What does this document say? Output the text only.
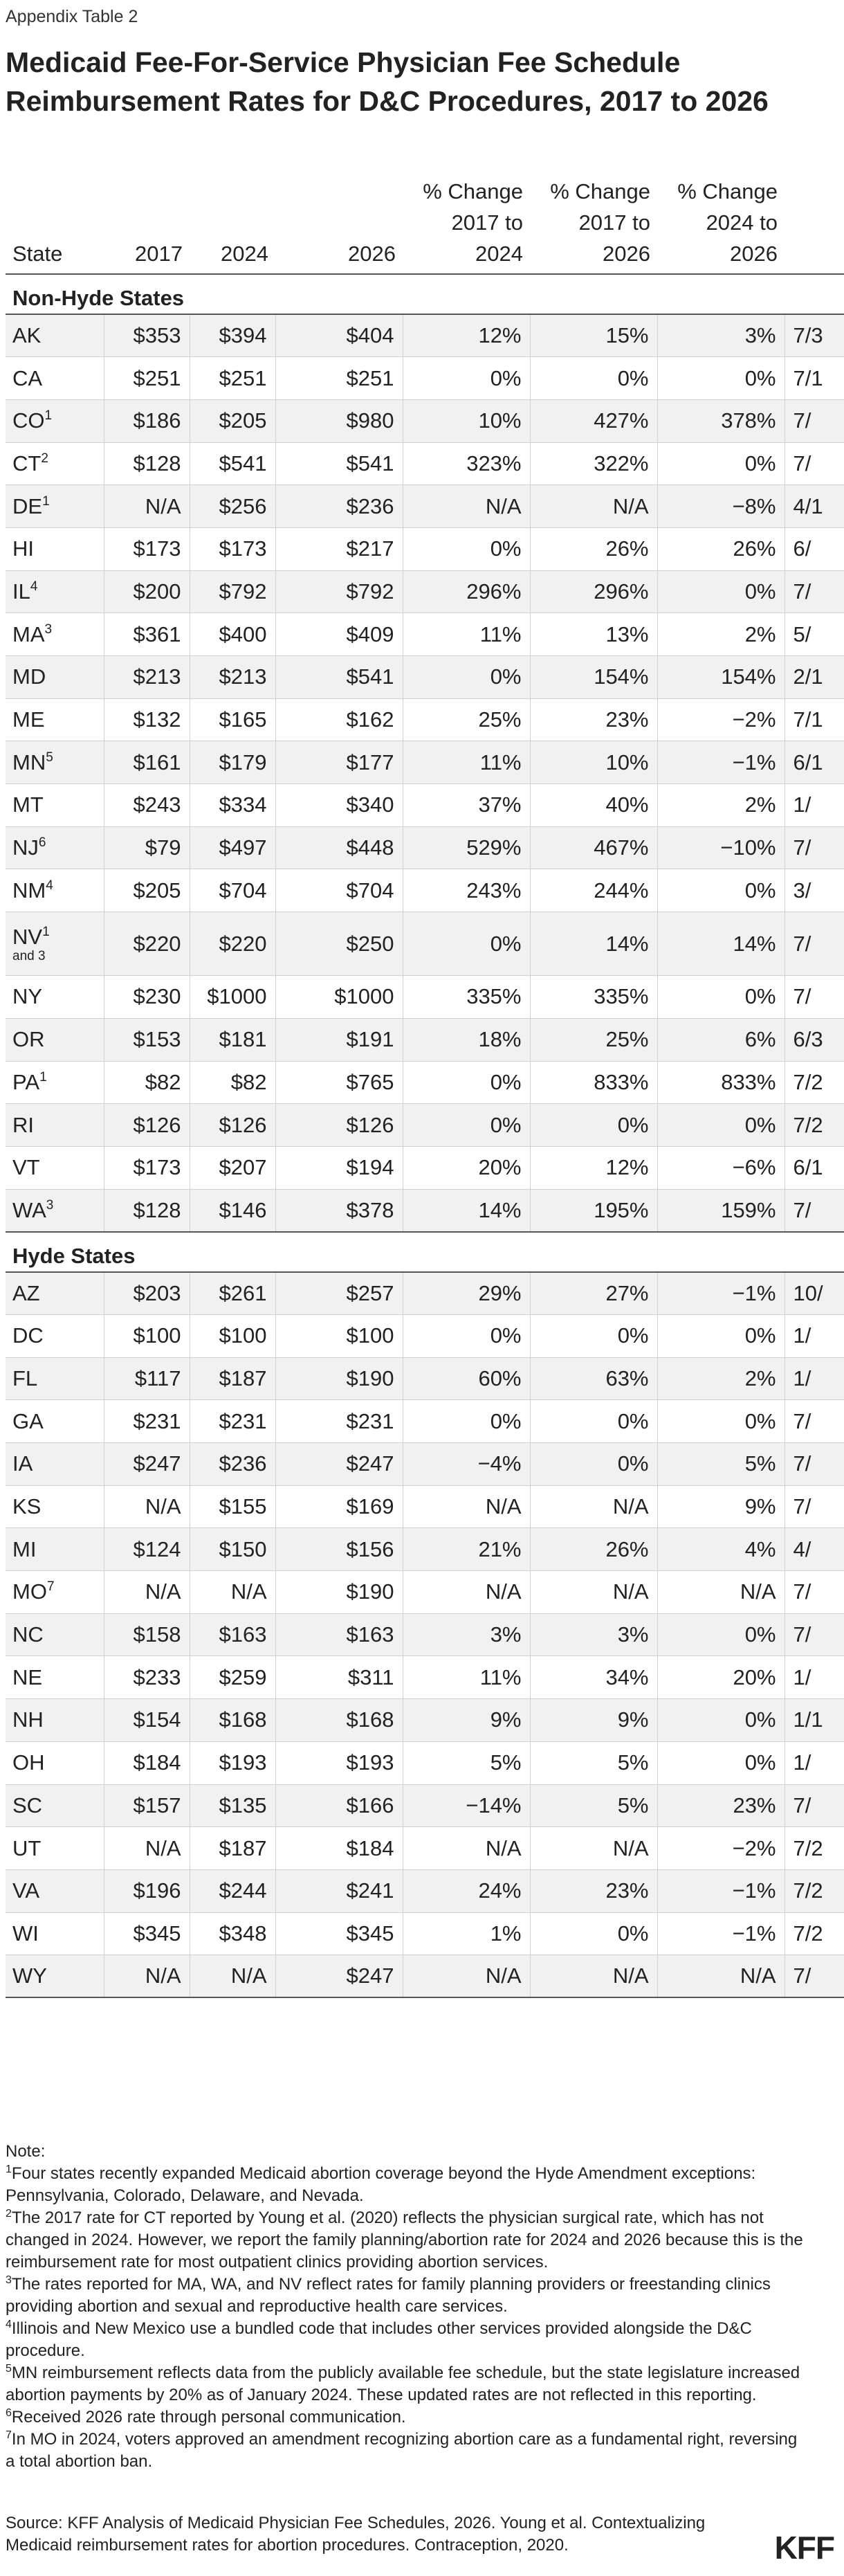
Appendix Table 2
Medicaid Fee-For-Service Physician Fee Schedule Reimbursement Rates for D&C Procedures, 2017 to 2026
State	2017	2024	2026	% Change 2017 to 2024	% Change 2017 to 2026	% Change 2024 to 2026	
Non-Hyde States							
AK	$353	$394	$404	12%	15%	3%	7/3
CA	$251	$251	$251	0%	0%	0%	7/1
$CO^1$	$186	$205	$980	10%	427%	378%	7/
$CT^2$	$128	$541	$541	323%	322%	0%	7/
$DE^1$	N/A	$256	$236	N/A	N/A	−8%	4/1
HI	$173	$173	$217	0%	26%	26%	6/
$IL^4$	$200	$792	$792	296%	296%	0%	7/
$MA^3$	$361	$400	$409	11%	13%	2%	5/
MD	$213	$213	$541	0%	154%	154%	2/1
ME	$132	$165	$162	25%	23%	−2%	7/1
$MN^5$	$161	$179	$177	11%	10%	−1%	6/1
MT	$243	$334	$340	37%	40%	2%	1/
$NJ^6$	$79	$497	$448	529%	467%	−10%	7/
$NM^4$	$205	$704	$704	243%	244%	0%	3/
$NV^1$
and 3	$220	$220	$250	0%	14%	14%	7/
NY	$230	$1000	$1000	335%	335%	0%	7/
OR	$153	$181	$191	18%	25%	6%	6/3
$PA^1$	$82	$82	$765	0%	833%	833%	7/2
RI	$126	$126	$126	0%	0%	0%	7/2
VT	$173	$207	$194	20%	12%	−6%	6/1
$WA^3$	$128	$146	$378	14%	195%	159%	7/
Hyde States							
AZ	$203	$261	$257	29%	27%	−1%	10/
DC	$100	$100	$100	0%	0%	0%	1/
FL	$117	$187	$190	60%	63%	2%	1/
GA	$231	$231	$231	0%	0%	0%	7/
IA	$247	$236	$247	−4%	0%	5%	7/
KS	N/A	$155	$169	N/A	N/A	9%	7/
MI	$124	$150	$156	21%	26%	4%	4/
$MO^7$	N/A	N/A	$190	N/A	N/A	N/A	7/
NC	$158	$163	$163	3%	3%	0%	7/
NE	$233	$259	$311	11%	34%	20%	1/
NH	$154	$168	$168	9%	9%	0%	1/1
OH	$184	$193	$193	5%	5%	0%	1/
SC	$157	$135	$166	−14%	5%	23%	7/
UT	N/A	$187	$184	N/A	N/A	−2%	7/2
VA	$196	$244	$241	24%	23%	−1%	7/2
WI	$345	$348	$345	1%	0%	−1%	7/2
WY	N/A	N/A	$247	N/A	N/A	N/A	7/

Note:

$^1$Four states recently expanded Medicaid abortion coverage beyond the Hyde Amendment exceptions: Pennsylvania, Colorado, Delaware, and Nevada.

$^2$The 2017 rate for CT reported by Young et al. (2020) reflects the physician surgical rate, which has not changed in 2024. However, we report the family planning/abortion rate for 2024 and 2026 because this is the reimbursement rate for most outpatient clinics providing abortion services.

$^3$The rates reported for MA, WA, and NV reflect rates for family planning providers or freestanding clinics providing abortion and sexual and reproductive health care services.

$^4$Illinois and New Mexico use a bundled code that includes other services provided alongside the D&C procedure.

$^5$MN reimbursement reflects data from the publicly available fee schedule, but the state legislature increased abortion payments by 20% as of January 2024. These updated rates are not reflected in this reporting.

$^6$Received 2026 rate through personal communication.

$^7$In MO in 2024, voters approved an amendment recognizing abortion care as a fundamental right, reversing a total abortion ban.

Source: KFF Analysis of Medicaid Physician Fee Schedules, 2026. Young et al. Contextualizing Medicaid reimbursement rates for abortion procedures. Contraception, 2020.	KFF
